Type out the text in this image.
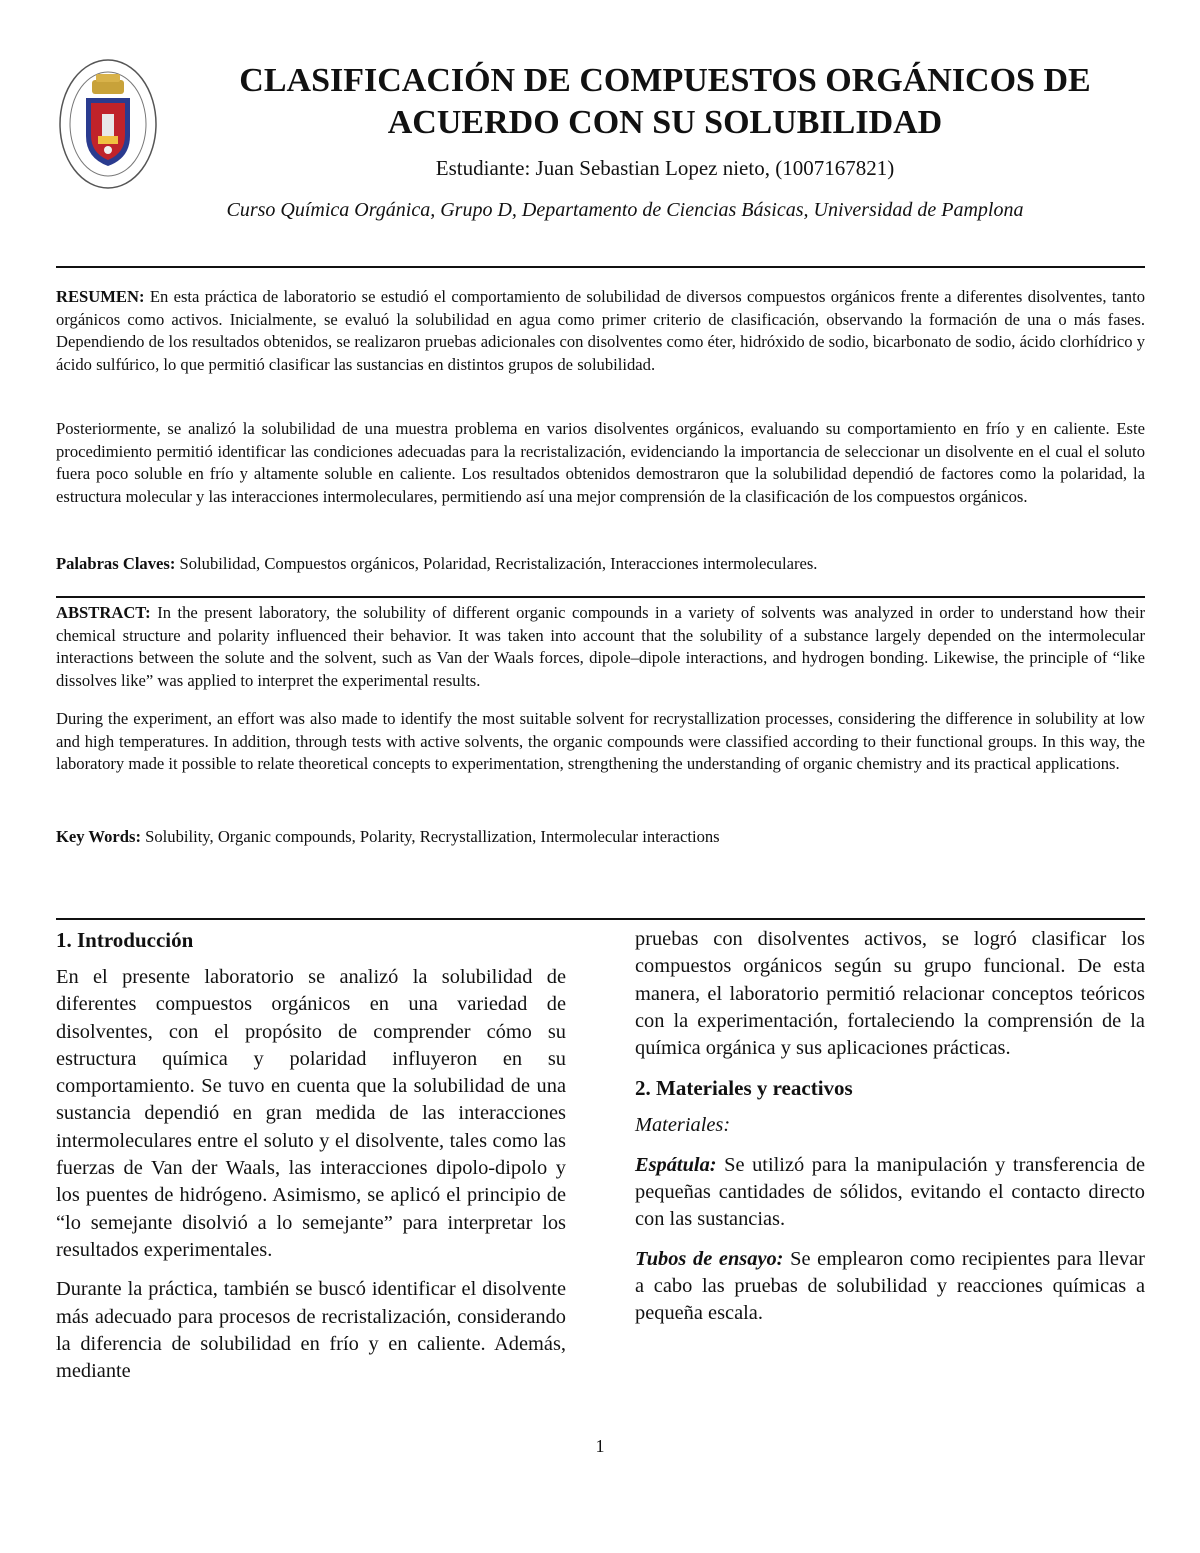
CLASIFICACIÓN DE COMPUESTOS ORGÁNICOS DE
ACUERDO CON SU SOLUBILIDAD

Estudiante: Juan Sebastian Lopez nieto, (1007167821)

Curso Química Orgánica, Grupo D, Departamento de Ciencias Básicas, Universidad de Pamplona

RESUMEN: En esta práctica de laboratorio se estudió el comportamiento de solubilidad de diversos compuestos orgánicos frente a diferentes disolventes, tanto orgánicos como activos. Inicialmente, se evaluó la solubilidad en agua como primer criterio de clasificación, observando la formación de una o más fases. Dependiendo de los resultados obtenidos, se realizaron pruebas adicionales con disolventes como éter, hidróxido de sodio, bicarbonato de sodio, ácido clorhídrico y ácido sulfúrico, lo que permitió clasificar las sustancias en distintos grupos de solubilidad.

Posteriormente, se analizó la solubilidad de una muestra problema en varios disolventes orgánicos, evaluando su comportamiento en frío y en caliente. Este procedimiento permitió identificar las condiciones adecuadas para la recristalización, evidenciando la importancia de seleccionar un disolvente en el cual el soluto fuera poco soluble en frío y altamente soluble en caliente. Los resultados obtenidos demostraron que la solubilidad dependió de factores como la polaridad, la estructura molecular y las interacciones intermoleculares, permitiendo así una mejor comprensión de la clasificación de los compuestos orgánicos.

Palabras Claves: Solubilidad, Compuestos orgánicos, Polaridad, Recristalización, Interacciones intermoleculares.

ABSTRACT: In the present laboratory, the solubility of different organic compounds in a variety of solvents was analyzed in order to understand how their chemical structure and polarity influenced their behavior. It was taken into account that the solubility of a substance largely depended on the intermolecular interactions between the solute and the solvent, such as Van der Waals forces, dipole–dipole interactions, and hydrogen bonding. Likewise, the principle of “like dissolves like” was applied to interpret the experimental results.

During the experiment, an effort was also made to identify the most suitable solvent for recrystallization processes, considering the difference in solubility at low and high temperatures. In addition, through tests with active solvents, the organic compounds were classified according to their functional groups. In this way, the laboratory made it possible to relate theoretical concepts to experimentation, strengthening the understanding of organic chemistry and its practical applications.

Key Words: Solubility, Organic compounds, Polarity, Recrystallization, Intermolecular interactions

1. Introducción

En el presente laboratorio se analizó la solubilidad de diferentes compuestos orgánicos en una variedad de disolventes, con el propósito de comprender cómo su estructura química y polaridad influyeron en su comportamiento. Se tuvo en cuenta que la solubilidad de una sustancia dependió en gran medida de las interacciones intermoleculares entre el soluto y el disolvente, tales como las fuerzas de Van der Waals, las interacciones dipolo-dipolo y los puentes de hidrógeno. Asimismo, se aplicó el principio de “lo semejante disolvió a lo semejante” para interpretar los resultados experimentales.

Durante la práctica, también se buscó identificar el disolvente más adecuado para procesos de recristalización, considerando la diferencia de solubilidad en frío y en caliente. Además, mediante

pruebas con disolventes activos, se logró clasificar los compuestos orgánicos según su grupo funcional. De esta manera, el laboratorio permitió relacionar conceptos teóricos con la experimentación, fortaleciendo la comprensión de la química orgánica y sus aplicaciones prácticas.

2. Materiales y reactivos

Materiales:

Espátula: Se utilizó para la manipulación y transferencia de pequeñas cantidades de sólidos, evitando el contacto directo con las sustancias.

Tubos de ensayo: Se emplearon como recipientes para llevar a cabo las pruebas de solubilidad y reacciones químicas a pequeña escala.

1
